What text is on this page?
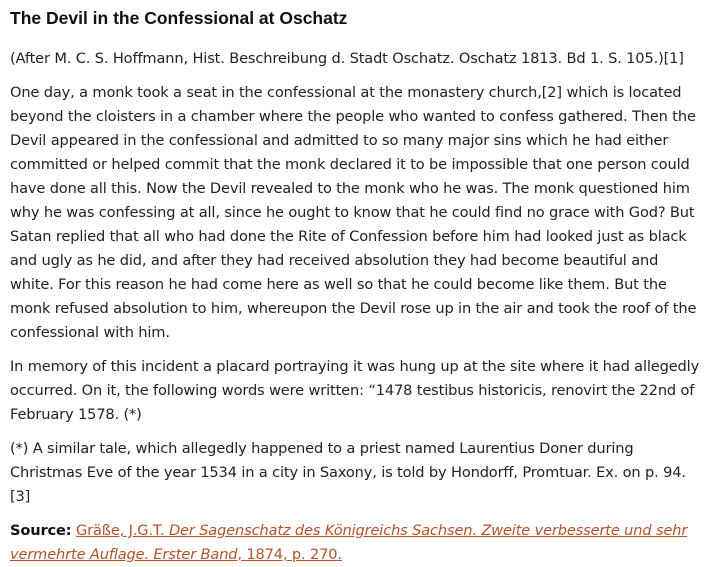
The Devil in the Confessional at Oschatz

(After M. C. S. Hoffmann, Hist. Beschreibung d. Stadt Oschatz. Oschatz 1813. Bd 1. S. 105.)[1]

One day, a monk took a seat in the confessional at the monastery church,[2] which is located beyond the cloisters in a chamber where the people who wanted to confess gathered. Then the Devil appeared in the confessional and admitted to so many major sins which he had either committed or helped commit that the monk declared it to be impossible that one person could have done all this. Now the Devil revealed to the monk who he was. The monk questioned him why he was confessing at all, since he ought to know that he could find no grace with God? But Satan replied that all who had done the Rite of Confession before him had looked just as black and ugly as he did, and after they had received absolution they had become beautiful and white. For this reason he had come here as well so that he could become like them. But the monk refused absolution to him, whereupon the Devil rose up in the air and took the roof of the confessional with him.

In memory of this incident a placard portraying it was hung up at the site where it had allegedly occurred. On it, the following words were written: “1478 testibus historicis, renovirt the 22nd of February 1578. (*)

(*) A similar tale, which allegedly happened to a priest named Laurentius Doner during Christmas Eve of the year 1534 in a city in Saxony, is told by Hondorff, Promtuar. Ex. on p. 94.[3]

Source: Gräße, J.G.T. Der Sagenschatz des Königreichs Sachsen. Zweite verbesserte und sehr vermehrte Auflage. Erster Band, 1874, p. 270.
